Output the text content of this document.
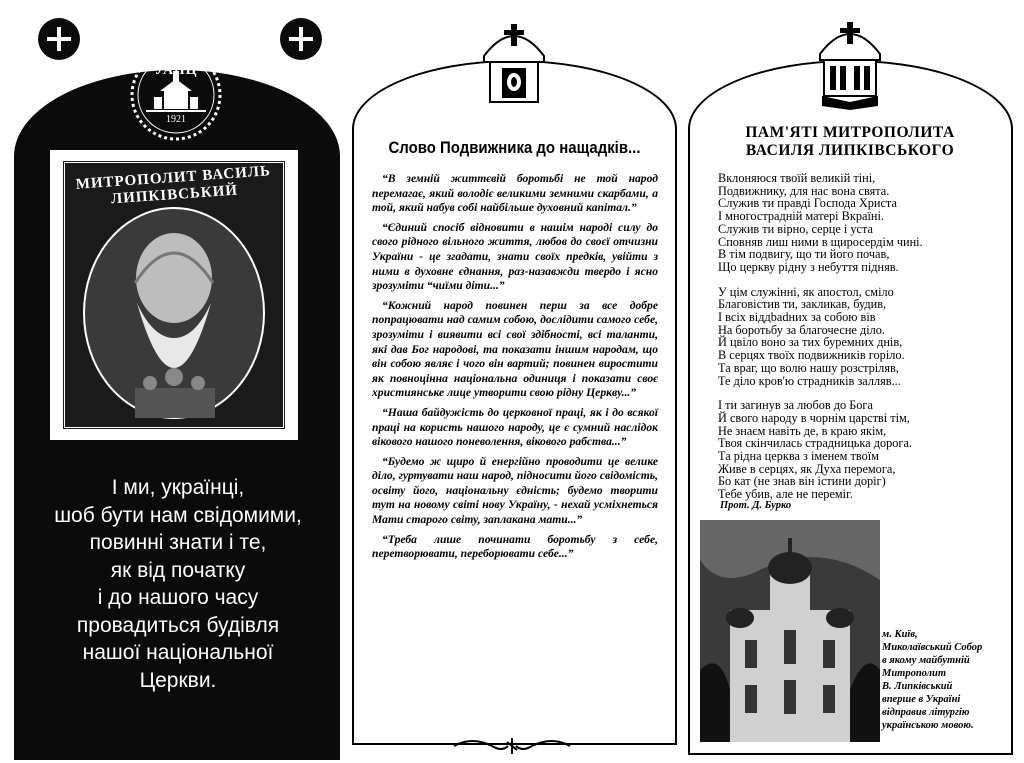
УАПЦ
1921
МИТРОПОЛИТ ВАСИЛЬ ЛИПКІВСЬКИЙ
І ми, українці,
шоб бути нам свідомими,
повинні знати і те,
як від початку
і до нашого часу
провадиться будівля
нашої національної
Церкви.
Слово Подвижника до нащадків...

“В земній життєвій боротьбі не той народ перемагає, який володіє великими земними скарбами, а той, який набув собі найбільше духовний капітал.”

“Єдиний спосіб відновити в нашім народі силу до свого рідного вільного життя, любов до своєї отчизни України - це згадати, знати своїх предків, увійти з ними в духовне єднання, раз-назавжди твердо і ясно зрозуміти “чиїми діти...”

“Кожний народ повинен перш за все добре попрацювати над самим собою, дослідити самого себе, зрозуміти і виявити всі свої здібності, всі таланти, які дав Бог народові, та показати іншим народам, що він собою являє і чого він вартий; повинен виростити як повноцінна національна одиниця і показати своє християнське лице утворити свою рідну Церкву...”

“Наша байдужість до церковної праці, як і до всякої праці на користь нашого народу, це є сумний наслідок вікового нашого поневолення, вікового рабства...”

“Будемо ж щиро й енергійно проводити це велике діло, гуртувати наш народ, підносити його свідомість, освіту його, національну єдність; будемо творити тут на новому світі нову Україну, - нехай усміхнеться Мати старого світу, заплакана мати...”

“Треба лише починати боротьбу з себе, перетворювати, переборювати себе...”

ПАМ'ЯТІ МИТРОПОЛИТА
ВАСИЛЯ ЛИПКІВСЬКОГО
Вклоняюся твоїй великій тіні,
Подвижнику, для нас вона свята.
Служив ти правді Господа Христа
І многострадній матері Вкраїні.
Служив ти вірно, серце і уста
Сповняв лиш ними в щиросердім чині.
В тім подвигу, що ти його почав,
Що церкву рідну з небуття підняв.
У цім служінні, як апостол, сміло
Благовістив ти, закликав, будив,
І всіх віддbadних за собою вів
На боротьбу за благочесне діло.
Й цвіло воно за тих буремних днів,
В серцях твоїх подвижників горіло.
Та враг, що волю нашу розстріляв,
Те діло кров'ю страдників залляв...
І ти загинув за любов до Бога
Й свого народу в чорнім царстві тім,
Не знаєм навіть де, в краю якім,
Твоя скінчилась страдницька дорога.
Та рідна церква з іменем твоїм
Живе в серцях, як Духа перемога,
Бо кат (не знав він істини доріг)
Тебе убив, але не переміг.
Прот. Д. Бурко
м. Київ,
Миколаївський Собор
в якому майбутній
Митрополит
В. Липківський
вперше в Україні
відправив літургію
українською мовою.
